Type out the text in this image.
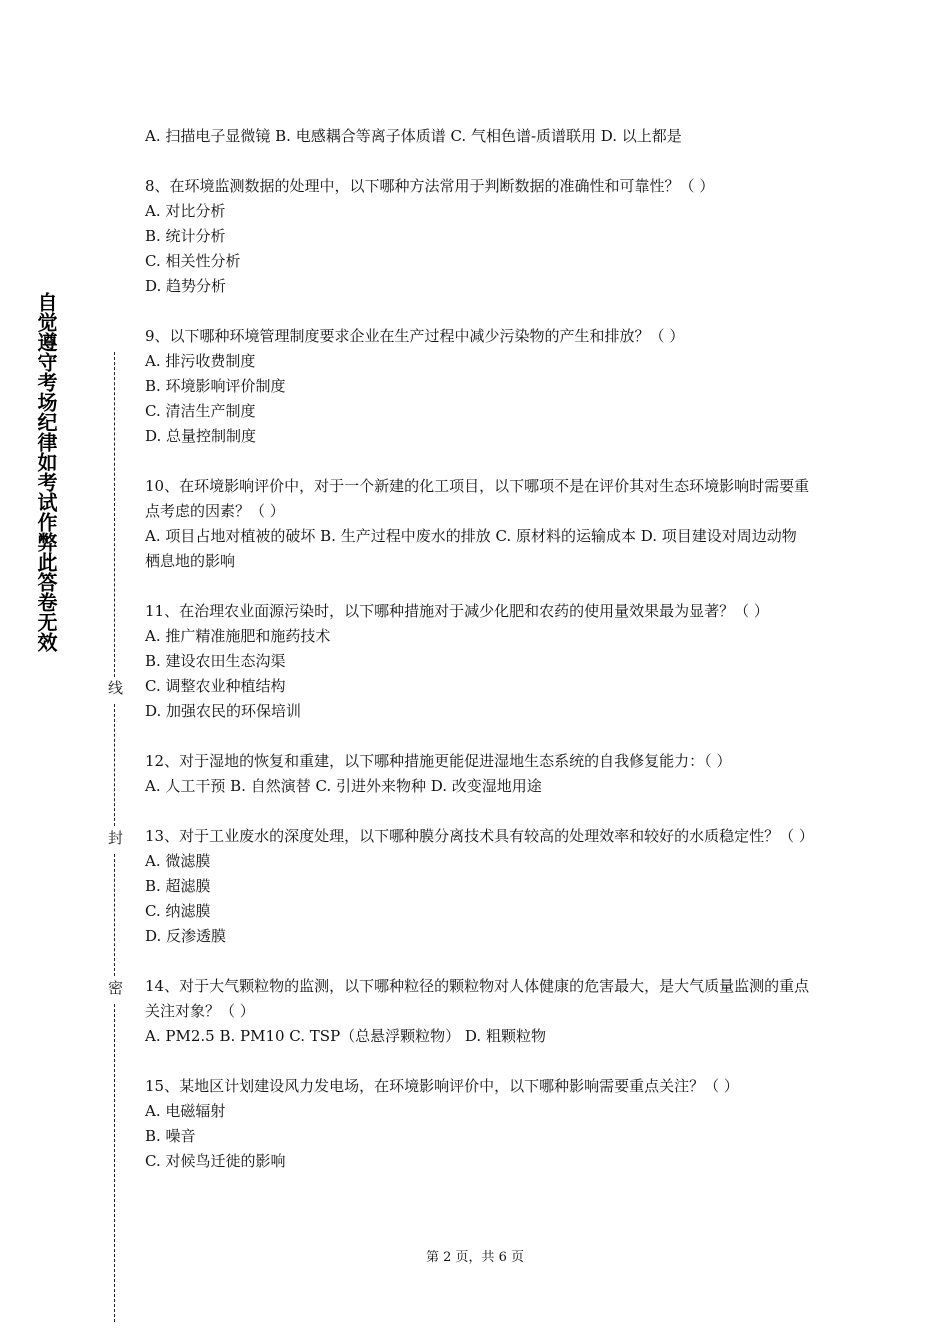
自觉遵守考场纪律如考试作弊此答卷无效
线
封
密

A. 扫描电子显微镜 B. 电感耦合等离子体质谱 C. 气相色谱-质谱联用 D. 以上都是

8、在环境监测数据的处理中，以下哪种方法常用于判断数据的准确性和可靠性？（ ）

A. 对比分析

B. 统计分析

C. 相关性分析

D. 趋势分析

9、以下哪种环境管理制度要求企业在生产过程中减少污染物的产生和排放？（ ）

A. 排污收费制度

B. 环境影响评价制度

C. 清洁生产制度

D. 总量控制制度

10、在环境影响评价中，对于一个新建的化工项目，以下哪项不是在评价其对生态环境影响时需要重点考虑的因素？（ ）

A. 项目占地对植被的破坏 B. 生产过程中废水的排放 C. 原材料的运输成本 D. 项目建设对周边动物栖息地的影响

11、在治理农业面源污染时，以下哪种措施对于减少化肥和农药的使用量效果最为显著？（ ）

A. 推广精准施肥和施药技术

B. 建设农田生态沟渠

C. 调整农业种植结构

D. 加强农民的环保培训

12、对于湿地的恢复和重建，以下哪种措施更能促进湿地生态系统的自我修复能力：（ ）

A. 人工干预 B. 自然演替 C. 引进外来物种 D. 改变湿地用途

13、对于工业废水的深度处理，以下哪种膜分离技术具有较高的处理效率和较好的水质稳定性？（ ）

A. 微滤膜

B. 超滤膜

C. 纳滤膜

D. 反渗透膜

14、对于大气颗粒物的监测，以下哪种粒径的颗粒物对人体健康的危害最大，是大气质量监测的重点关注对象？（ ）

A. PM2.5 B. PM10 C. TSP（总悬浮颗粒物） D. 粗颗粒物

15、某地区计划建设风力发电场，在环境影响评价中，以下哪种影响需要重点关注？（ ）

A. 电磁辐射

B. 噪音

C. 对候鸟迁徙的影响

第 2 页，共 6 页
